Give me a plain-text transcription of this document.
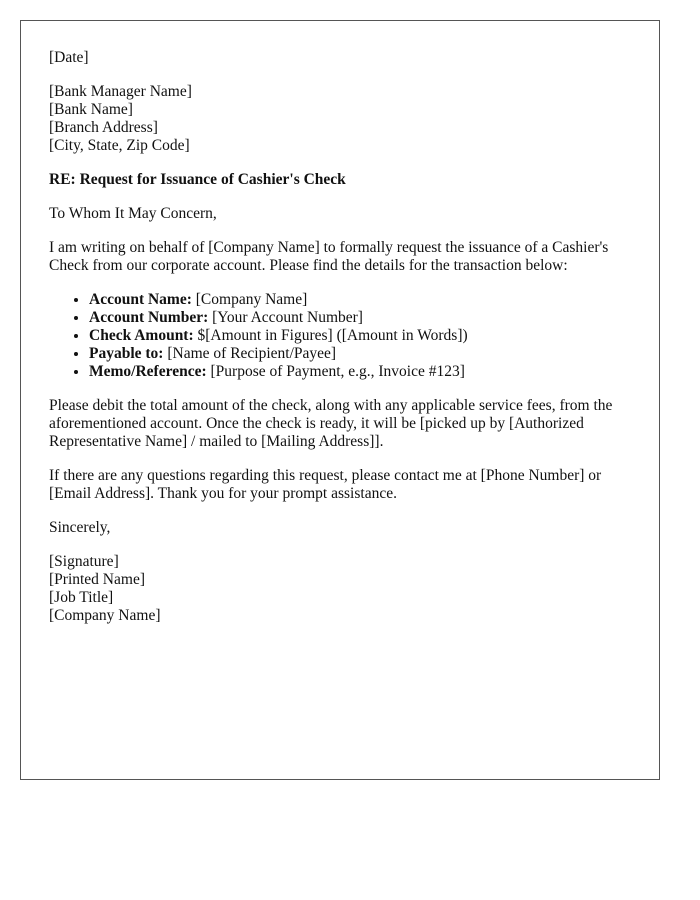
[Date]

[Bank Manager Name]
[Bank Name]
[Branch Address]
[City, State, Zip Code]

RE: Request for Issuance of Cashier's Check

To Whom It May Concern,

I am writing on behalf of [Company Name] to formally request the issuance of a Cashier's Check from our corporate account. Please find the details for the transaction below:

• Account Name: [Company Name]
• Account Number: [Your Account Number]
• Check Amount: $[Amount in Figures] ([Amount in Words])
• Payable to: [Name of Recipient/Payee]
• Memo/Reference: [Purpose of Payment, e.g., Invoice #123]

Please debit the total amount of the check, along with any applicable service fees, from the aforementioned account. Once the check is ready, it will be [picked up by [Authorized Representative Name] / mailed to [Mailing Address]].

If there are any questions regarding this request, please contact me at [Phone Number] or [Email Address]. Thank you for your prompt assistance.

Sincerely,

[Signature]
[Printed Name]
[Job Title]
[Company Name]
